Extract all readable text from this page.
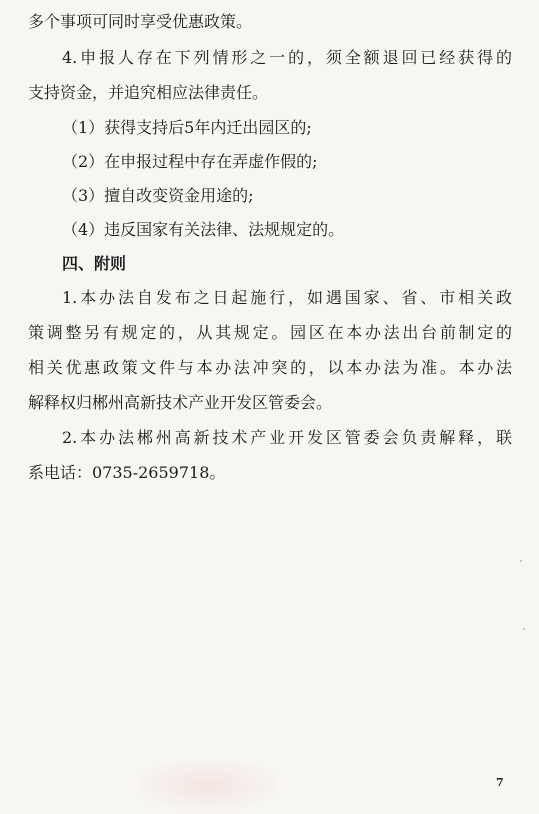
多个事项可同时享受优惠政策。
4.申报人存在下列情形之一的，须全额退回已经获得的
支持资金，并追究相应法律责任。
（1）获得支持后5年内迁出园区的;
（2）在申报过程中存在弄虚作假的;
（3）擅自改变资金用途的;
（4）违反国家有关法律、法规规定的。
四、附则
1.本办法自发布之日起施行，如遇国家、省、市相关政
策调整另有规定的，从其规定。园区在本办法出台前制定的
相关优惠政策文件与本办法冲突的，以本办法为准。本办法
解释权归郴州高新技术产业开发区管委会。
2.本办法郴州高新技术产业开发区管委会负责解释，联
系电话：0735-2659718。
7
